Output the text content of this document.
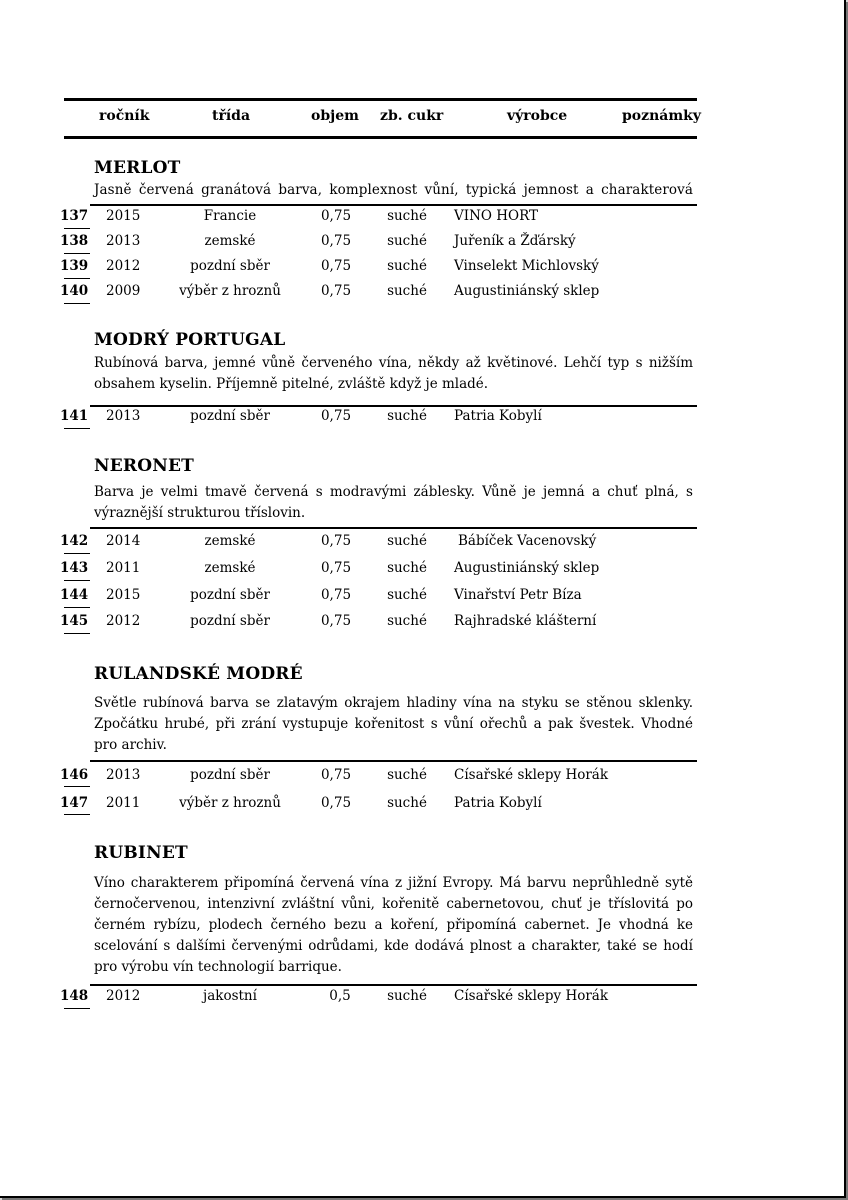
ročník	třída	objem zb. cukr	výrobce	poznámky
MERLOT
Jasně červená granátová barva, komplexnost vůní, typická jemnost a charakterová
137 2015	Francie	0,75	suché	VINO HORT
138 2013	zemské	0,75	suché	Juřeník a Žďárský
139 2012	pozdní sběr	0,75	suché	Vinselekt Michlovský
140 2009	výběr z hroznů	0,75	suché	Augustiniánský sklep
MODRÝ PORTUGAL
Rubínová barva, jemné vůně červeného vína, někdy až květinové. Lehčí typ s nižším obsahem kyselin. Příjemně pitelné, zvláště když je mladé.
141 2013	pozdní sběr	0,75	suché	Patria Kobylí
NERONET
Barva je velmi tmavě červená s modravými záblesky. Vůně je jemná a chuť plná, s výraznější strukturou tříslovin.
142 2014	zemské	0,75	suché	Bábíček Vacenovský
143 2011	zemské	0,75	suché	Augustiniánský sklep
144 2015	pozdní sběr	0,75	suché	Vinařství Petr Bíza
145 2012	pozdní sběr	0,75	suché	Rajhradské klášterní
RULANDSKÉ MODRÉ
Světle rubínová barva se zlatavým okrajem hladiny vína na styku se stěnou sklenky. Zpočátku hrubé, při zrání vystupuje kořenitost s vůní ořechů a pak švestek. Vhodné pro archiv.
146 2013	pozdní sběr	0,75	suché	Císařské sklepy Horák
147 2011	výběr z hroznů	0,75	suché	Patria Kobylí
RUBINET
Víno charakterem připomíná červená vína z jižní Evropy. Má barvu neprůhledně sytě černočervenou, intenzivní zvláštní vůni, kořenitě cabernetovou, chuť je tříslovitá po černém rybízu, plodech černého bezu a koření, připomíná cabernet. Je vhodná ke scelování s dalšími červenými odrůdami, kde dodává plnost a charakter, také se hodí pro výrobu vín technologií barrique.
148 2012	jakostní	0,5	suché	Císařské sklepy Horák
